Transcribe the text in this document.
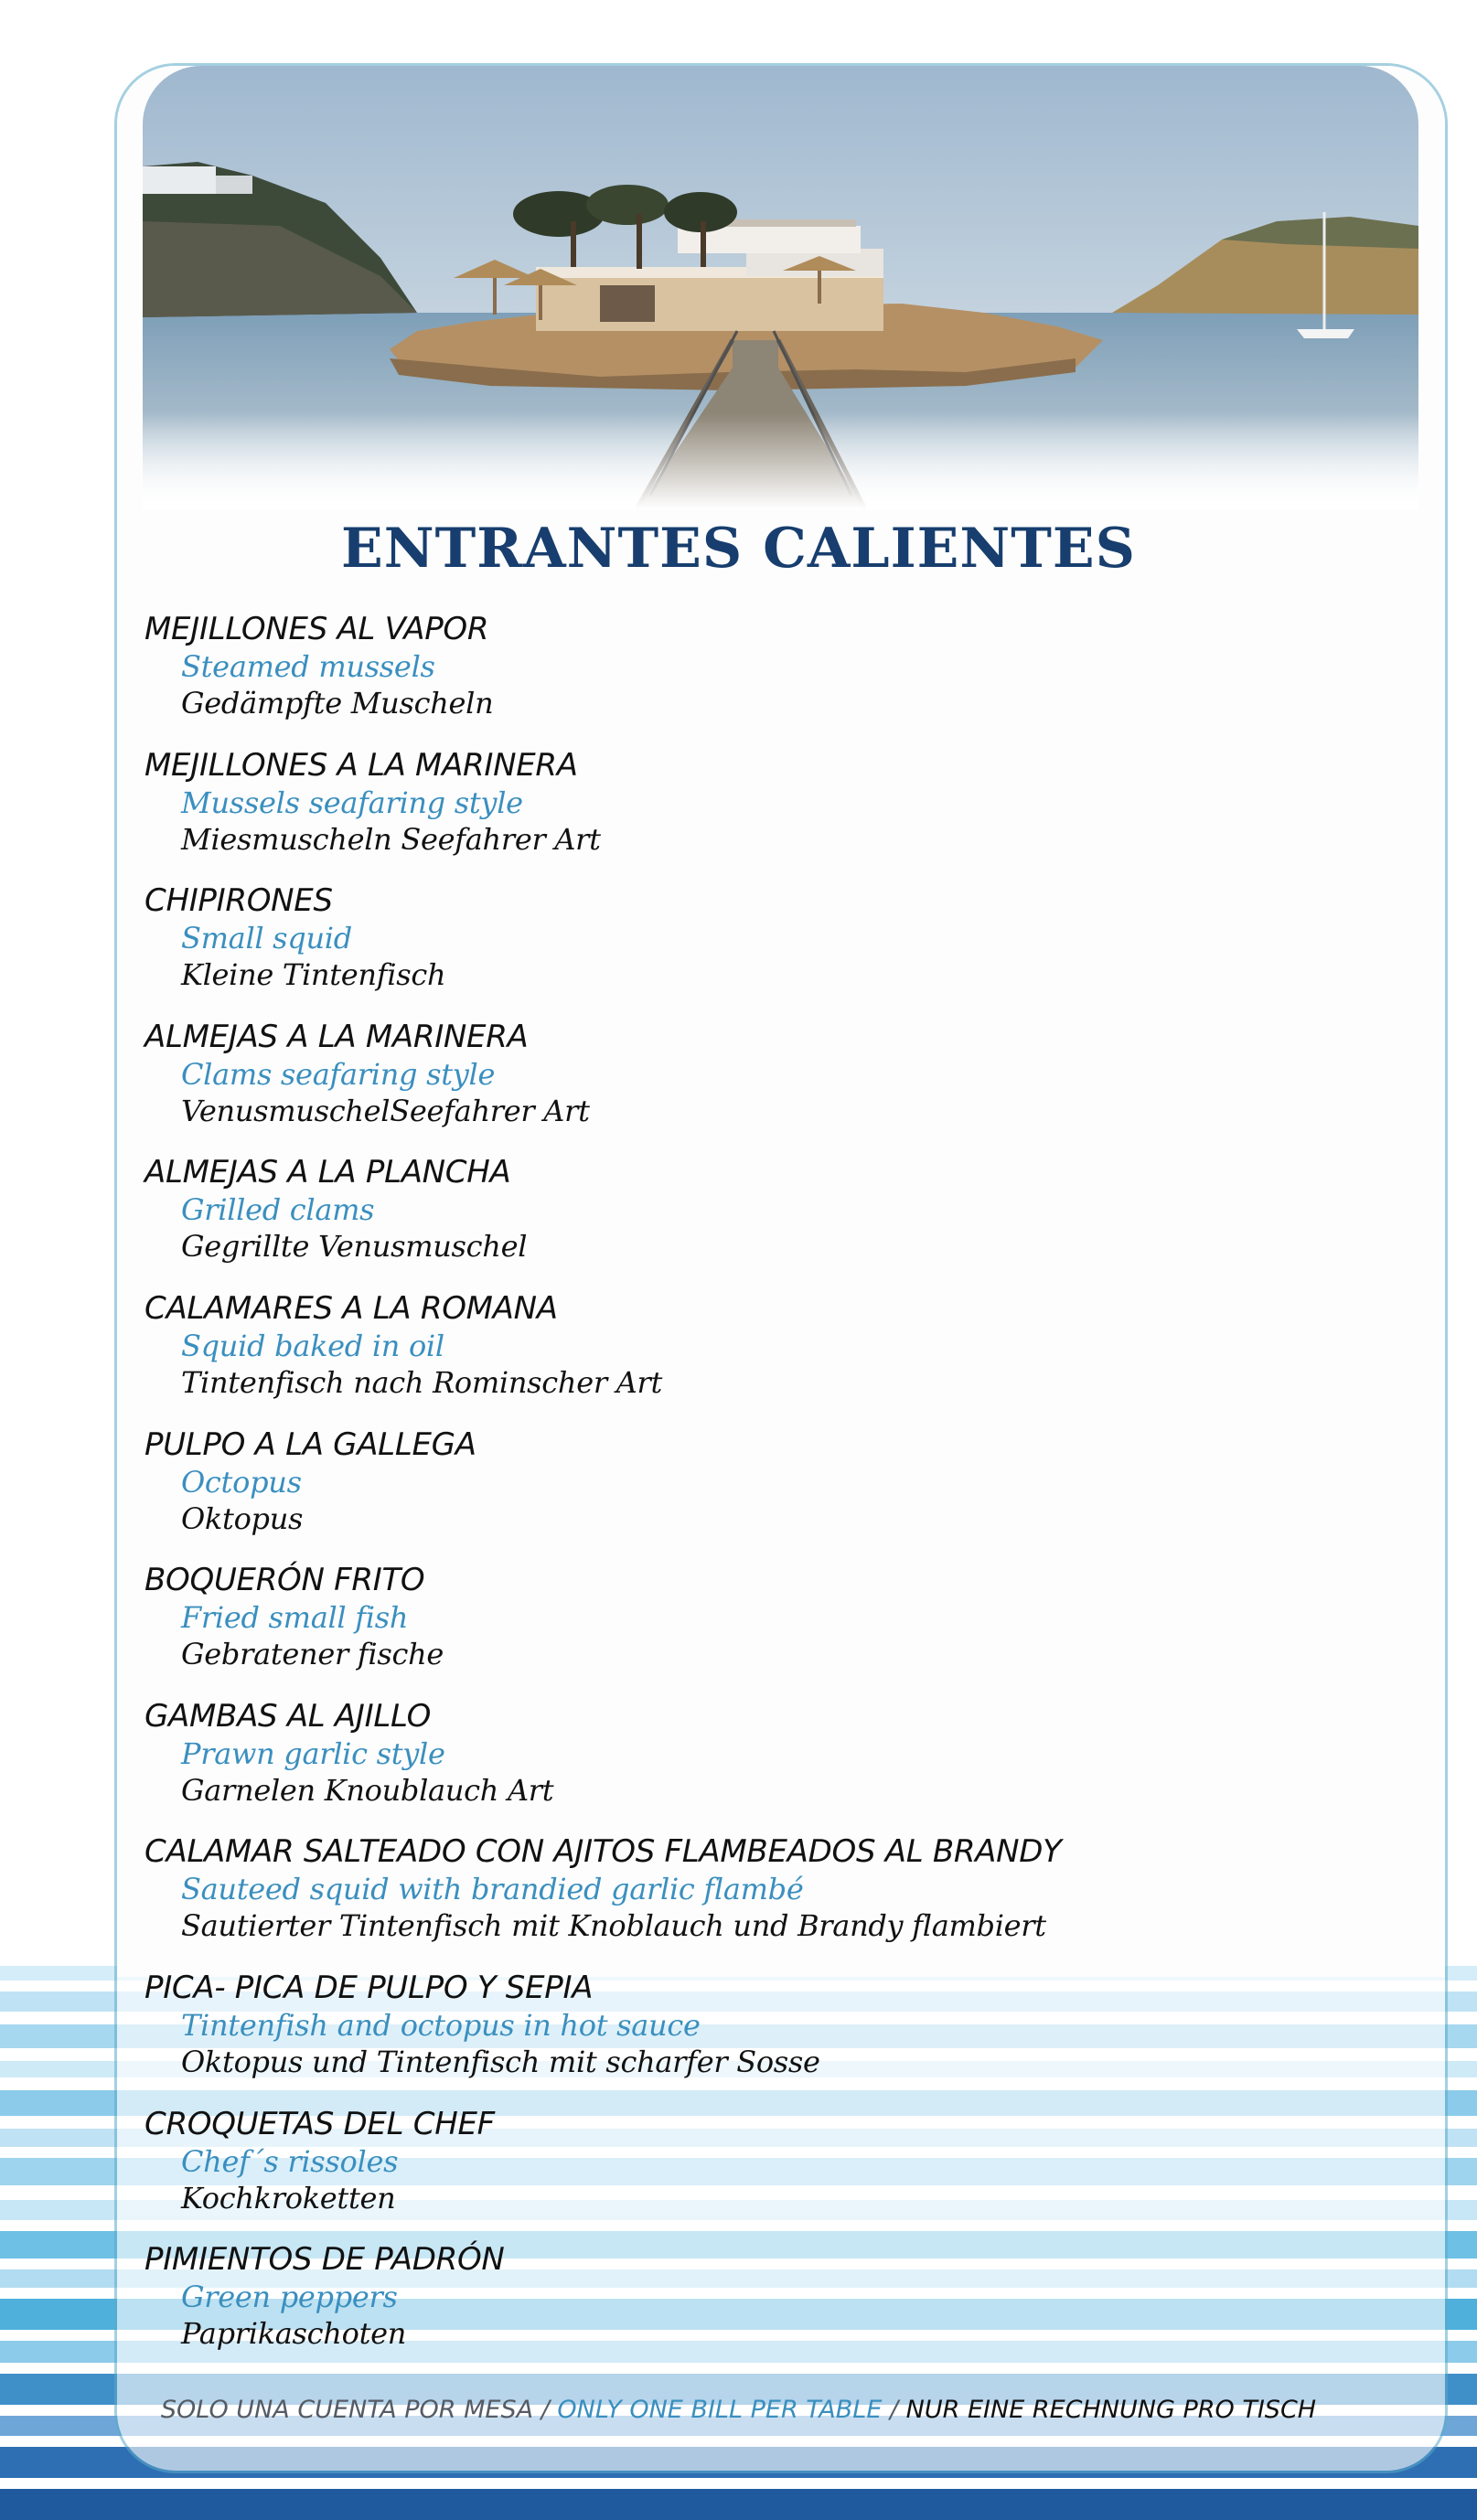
ENTRANTES CALIENTES
MEJILLONES AL VAPOR
Steamed mussels
Gedämpfte Muscheln
MEJILLONES A LA MARINERA
Mussels seafaring style
Miesmuscheln Seefahrer Art
CHIPIRONES
Small squid
Kleine Tintenfisch
ALMEJAS A LA MARINERA
Clams seafaring style
VenusmuschelSeefahrer Art
ALMEJAS A LA PLANCHA
Grilled clams
Gegrillte Venusmuschel
CALAMARES A LA ROMANA
Squid baked in oil
Tintenfisch nach Rominscher Art
PULPO A LA GALLEGA
Octopus
Oktopus
BOQUERÓN FRITO
Fried small fish
Gebratener fische
GAMBAS AL AJILLO
Prawn garlic style
Garnelen Knoublauch Art
CALAMAR SALTEADO CON AJITOS FLAMBEADOS AL BRANDY
Sauteed squid with brandied garlic flambé
Sautierter Tintenfisch mit Knoblauch und Brandy flambiert
PICA- PICA DE PULPO Y SEPIA
Tintenfish and octopus in hot sauce
Oktopus und Tintenfisch mit scharfer Sosse
CROQUETAS DEL CHEF
Chef´s rissoles
Kochkroketten
PIMIENTOS DE PADRÓN
Green peppers
Paprikaschoten
SOLO UNA CUENTA POR MESA / ONLY ONE BILL PER TABLE / NUR EINE RECHNUNG PRO TISCH
